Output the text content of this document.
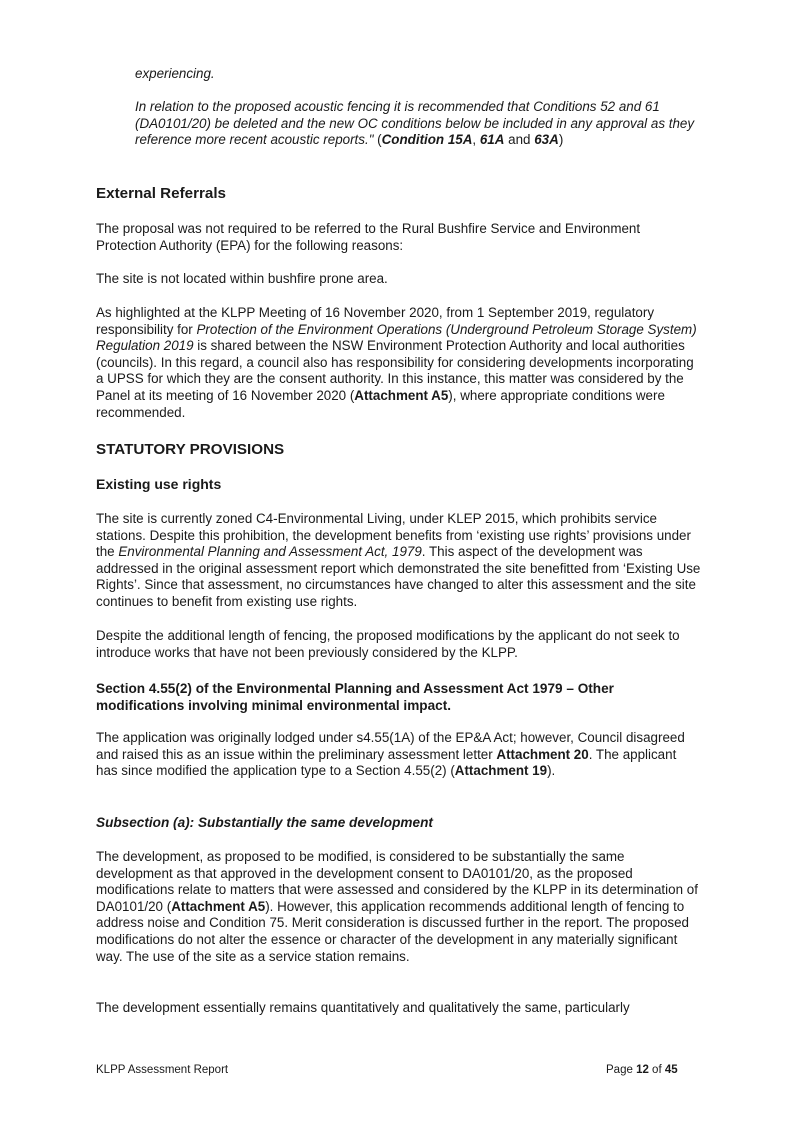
experiencing.

In relation to the proposed acoustic fencing it is recommended that Conditions 52 and 61 (DA0101/20) be deleted and the new OC conditions below be included in any approval as they reference more recent acoustic reports." (Condition 15A, 61A and 63A)

External Referrals

The proposal was not required to be referred to the Rural Bushfire Service and Environment Protection Authority (EPA) for the following reasons:

The site is not located within bushfire prone area.

As highlighted at the KLPP Meeting of 16 November 2020, from 1 September 2019, regulatory responsibility for Protection of the Environment Operations (Underground Petroleum Storage System) Regulation 2019 is shared between the NSW Environment Protection Authority and local authorities (councils). In this regard, a council also has responsibility for considering developments incorporating a UPSS for which they are the consent authority. In this instance, this matter was considered by the Panel at its meeting of 16 November 2020 (Attachment A5), where appropriate conditions were recommended.

STATUTORY PROVISIONS
Existing use rights

The site is currently zoned C4-Environmental Living, under KLEP 2015, which prohibits service stations. Despite this prohibition, the development benefits from ‘existing use rights’ provisions under the Environmental Planning and Assessment Act, 1979. This aspect of the development was addressed in the original assessment report which demonstrated the site benefitted from ‘Existing Use Rights’. Since that assessment, no circumstances have changed to alter this assessment and the site continues to benefit from existing use rights.

Despite the additional length of fencing, the proposed modifications by the applicant do not seek to introduce works that have not been previously considered by the KLPP.

Section 4.55(2) of the Environmental Planning and Assessment Act 1979 – Other modifications involving minimal environmental impact.

The application was originally lodged under s4.55(1A) of the EP&A Act; however, Council disagreed and raised this as an issue within the preliminary assessment letter Attachment 20. The applicant has since modified the application type to a Section 4.55(2) (Attachment 19).

Subsection (a): Substantially the same development

The development, as proposed to be modified, is considered to be substantially the same development as that approved in the development consent to DA0101/20, as the proposed modifications relate to matters that were assessed and considered by the KLPP in its determination of DA0101/20 (Attachment A5). However, this application recommends additional length of fencing to address noise and Condition 75. Merit consideration is discussed further in the report. The proposed modifications do not alter the essence or character of the development in any materially significant way. The use of the site as a service station remains.

The development essentially remains quantitatively and qualitatively the same, particularly

KLPP Assessment Report	Page 12 of 45
